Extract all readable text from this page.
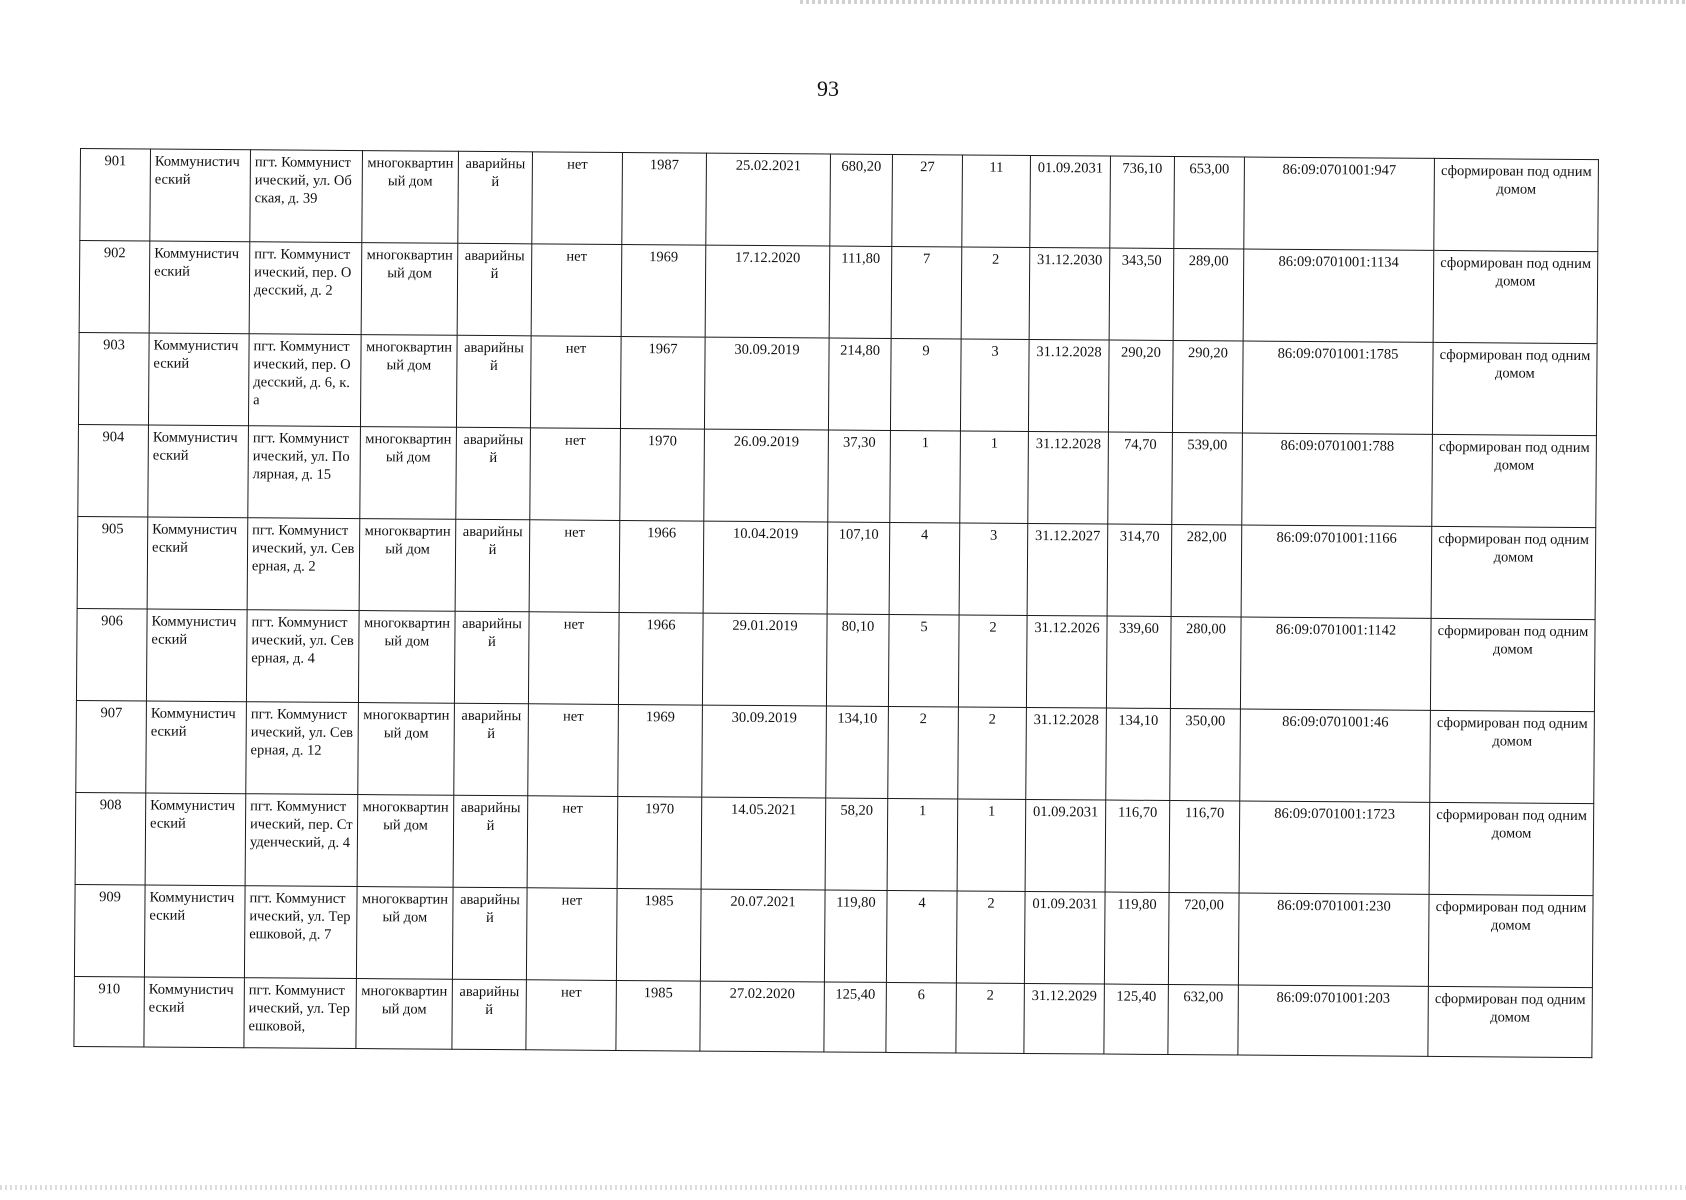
93
901	Коммунистический	пгт. Коммунистический, ул. Обская, д. 39	многоквартиный дом	аварийный	нет	1987	25.02.2021	680,20	27	11	01.09.2031	736,10	653,00	86:09:0701001:947	сформирован под одним домом
902	Коммунистический	пгт. Коммунистический, пер. Одесский, д. 2	многоквартиный дом	аварийный	нет	1969	17.12.2020	111,80	7	2	31.12.2030	343,50	289,00	86:09:0701001:1134	сформирован под одним домом
903	Коммунистический	пгт. Коммунистический, пер. Одесский, д. 6, к. а	многоквартиный дом	аварийный	нет	1967	30.09.2019	214,80	9	3	31.12.2028	290,20	290,20	86:09:0701001:1785	сформирован под одним домом
904	Коммунистический	пгт. Коммунистический, ул. Полярная, д. 15	многоквартиный дом	аварийный	нет	1970	26.09.2019	37,30	1	1	31.12.2028	74,70	539,00	86:09:0701001:788	сформирован под одним домом
905	Коммунистический	пгт. Коммунистический, ул. Северная, д. 2	многоквартиный дом	аварийный	нет	1966	10.04.2019	107,10	4	3	31.12.2027	314,70	282,00	86:09:0701001:1166	сформирован под одним домом
906	Коммунистический	пгт. Коммунистический, ул. Северная, д. 4	многоквартиный дом	аварийный	нет	1966	29.01.2019	80,10	5	2	31.12.2026	339,60	280,00	86:09:0701001:1142	сформирован под одним домом
907	Коммунистический	пгт. Коммунистический, ул. Северная, д. 12	многоквартиный дом	аварийный	нет	1969	30.09.2019	134,10	2	2	31.12.2028	134,10	350,00	86:09:0701001:46	сформирован под одним домом
908	Коммунистический	пгт. Коммунистический, пер. Студенческий, д. 4	многоквартиный дом	аварийный	нет	1970	14.05.2021	58,20	1	1	01.09.2031	116,70	116,70	86:09:0701001:1723	сформирован под одним домом
909	Коммунистический	пгт. Коммунистический, ул. Терешковой, д. 7	многоквартиный дом	аварийный	нет	1985	20.07.2021	119,80	4	2	01.09.2031	119,80	720,00	86:09:0701001:230	сформирован под одним домом
910	Коммунистический	пгт. Коммунистический, ул. Терешковой,	многоквартиный дом	аварийный	нет	1985	27.02.2020	125,40	6	2	31.12.2029	125,40	632,00	86:09:0701001:203	сформирован под одним домом
